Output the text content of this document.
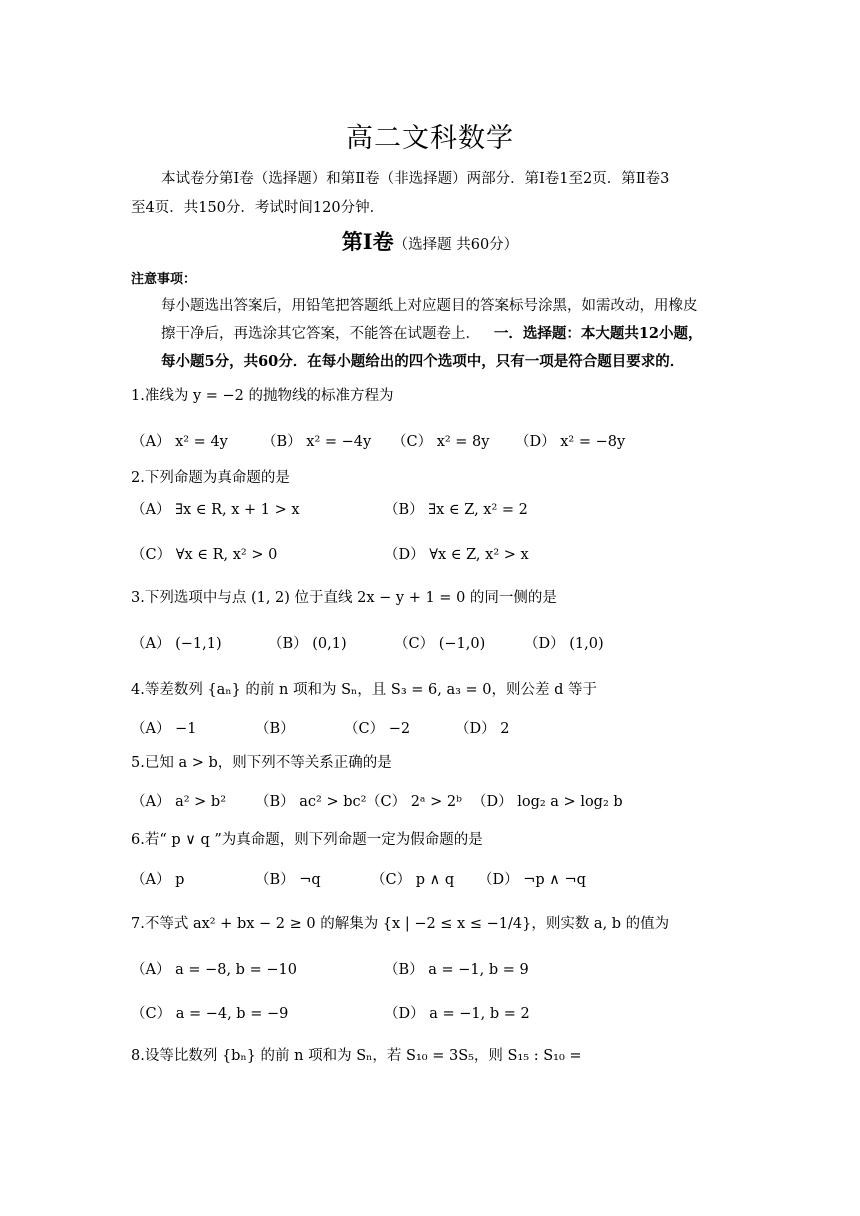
高二文科数学
本试卷分第Ⅰ卷（选择题）和第Ⅱ卷（非选择题）两部分．第Ⅰ卷1至2页．第Ⅱ卷3
至4页．共150分．考试时间120分钟．
第Ⅰ卷（选择题 共60分）
注意事项：
每小题选出答案后，用铅笔把答题纸上对应题目的答案标号涂黑，如需改动，用橡皮
擦干净后，再选涂其它答案，不能答在试题卷上． 一．选择题：本大题共12小题，
每小题5分，共60分．在每小题给出的四个选项中，只有一项是符合题目要求的．
1.准线为 y = −2 的抛物线的标准方程为
（A） x² = 4y （B） x² = −4y （C） x² = 8y （D） x² = −8y
2.下列命题为真命题的是
（A） ∃x ∈ R, x + 1 > x	（B） ∃x ∈ Z, x² = 2
（C） ∀x ∈ R, x² > 0	（D） ∀x ∈ Z, x² > x
3.下列选项中与点 (1, 2) 位于直线 2x − y + 1 = 0 的同一侧的是
（A） (−1,1)	（B） (0,1)	（C） (−1,0)	（D） (1,0)
4.等差数列 {aₙ} 的前 n 项和为 Sₙ，且 S₃ = 6, a₃ = 0，则公差 d 等于
（A） −1	（B）	（C） −2	（D） 2
5.已知 a > b，则下列不等关系正确的是
（A） a² > b² （B） ac² > bc² （C） 2ᵃ > 2ᵇ （D） log₂ a > log₂ b
6.若“ p ∨ q ”为真命题，则下列命题一定为假命题的是
（A） p	（B） ¬q	（C） p ∧ q （D） ¬p ∧ ¬q
7.不等式 ax² + bx − 2 ≥ 0 的解集为 {x | −2 ≤ x ≤ −1/4}，则实数 a, b 的值为
（A） a = −8, b = −10	（B） a = −1, b = 9
（C） a = −4, b = −9	（D） a = −1, b = 2
8.设等比数列 {bₙ} 的前 n 项和为 Sₙ，若 S₁₀ = 3S₅，则 S₁₅ : S₁₀ =
